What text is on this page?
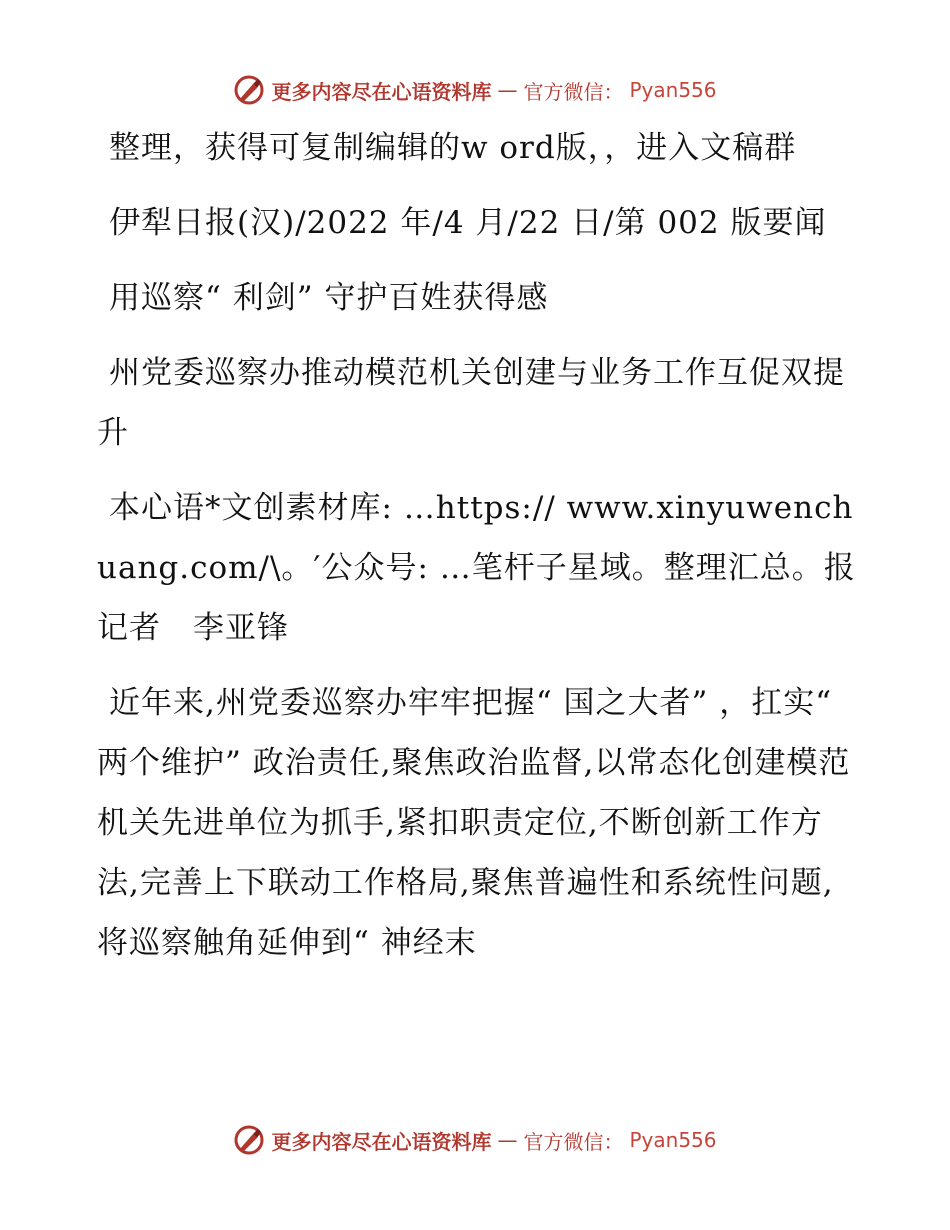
更多内容尽在心语资料库 — 官方微信： Pyan556

整理，获得可复制编辑的w ord版，，进入文稿群

伊犁日报(汉)/2022 年/4 月/22 日/第 002 版要闻

用巡察“ 利剑” 守护百姓获得感

州党委巡察办推动模范机关创建与业务工作互促双提升

本心语*文创素材库: …https:// www.xinyuwenchuang.com/\。′公众号: …笔杆子星域。整理汇总。报记者　李亚锋

近年来,州党委巡察办牢牢把握“ 国之大者” ，扛实“ 两个维护” 政治责任,聚焦政治监督,以常态化创建模范机关先进单位为抓手,紧扣职责定位,不断创新工作方法,完善上下联动工作格局,聚焦普遍性和系统性问题,将巡察触角延伸到“ 神经末

更多内容尽在心语资料库 — 官方微信： Pyan556
